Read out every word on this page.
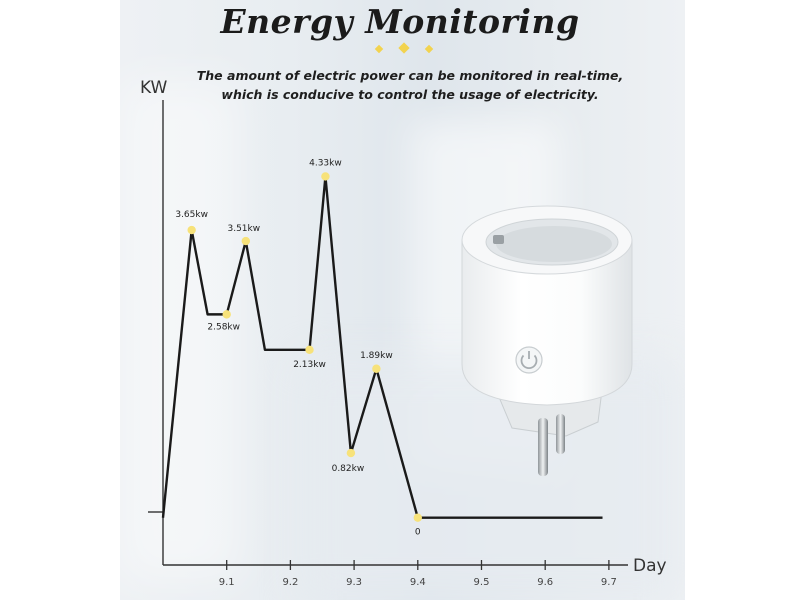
Energy Monitoring
The amount of electric power can be monitored in real-time,
which is conducive to control the usage of electricity.
KW
Day
9.1	9.2	9.3	9.4	9.5	9.6	9.7
3.65kw
2.58kw
3.51kw
2.13kw
4.33kw
0.82kw
1.89kw
0
